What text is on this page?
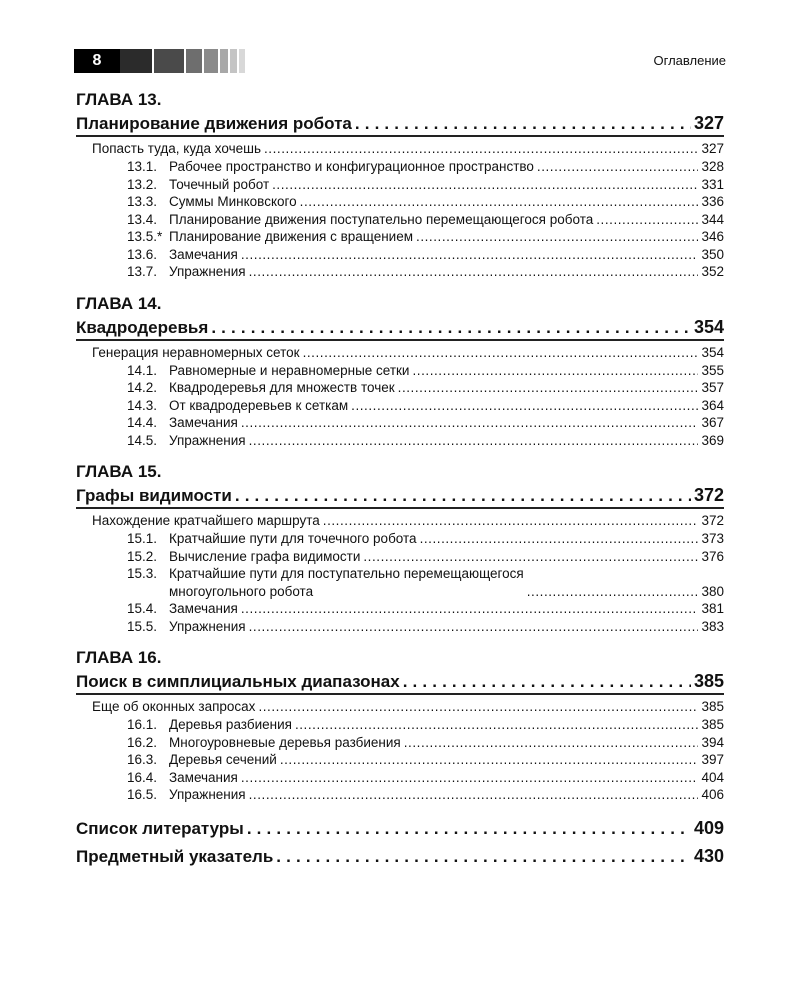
8	Оглавление
ГЛАВА 13.
Планирование движения робота . . .	327
Попасть туда, куда хочешь . . .	327
13.1. Рабочее пространство и конфигурационное пространство . . .	328
13.2. Точечный робот . . .	331
13.3. Суммы Минковского . . .	336
13.4. Планирование движения поступательно перемещающегося робота . . .	344
13.5.* Планирование движения с вращением . . .	346
13.6. Замечания . . .	350
13.7. Упражнения . . .	352
ГЛАВА 14.
Квадродеревья . . .	354
Генерация неравномерных сеток . . .	354
14.1. Равномерные и неравномерные сетки . . .	355
14.2. Квадродеревья для множеств точек . . .	357
14.3. От квадродеревьев к сеткам . . .	364
14.4. Замечания . . .	367
14.5. Упражнения . . .	369
ГЛАВА 15.
Графы видимости . . .	372
Нахождение кратчайшего маршрута . . .	372
15.1. Кратчайшие пути для точечного робота . . .	373
15.2. Вычисление графа видимости . . .	376
15.3. Кратчайшие пути для поступательно перемещающегося
многоугольного робота . . .	380
15.4. Замечания . . .	381
15.5. Упражнения . . .	383
ГЛАВА 16.
Поиск в симплициальных диапазонах . . .	385
Еще об оконных запросах . . .	385
16.1. Деревья разбиения . . .	385
16.2. Многоуровневые деревья разбиения . . .	394
16.3. Деревья сечений . . .	397
16.4. Замечания . . .	404
16.5. Упражнения . . .	406
Список литературы . . .	409
Предметный указатель . . .	430
